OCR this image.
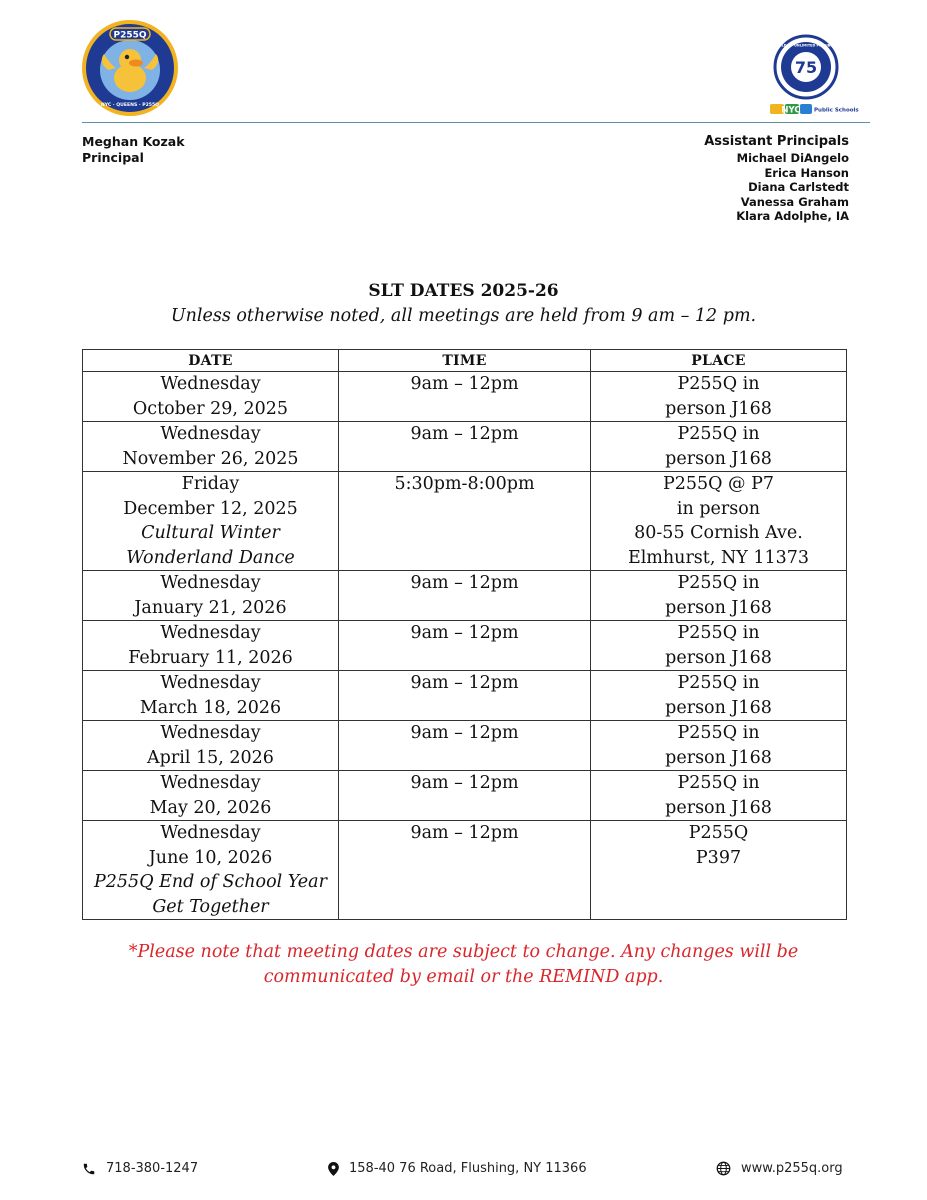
P255Q
NYC · QUEENS · P255Q
75
A WORLD OF UNLIMITED POSSIBILITIES
NYC Public Schools
Meghan Kozak
Principal
Assistant Principals
Michael DiAngelo
Erica Hanson
Diana Carlstedt
Vanessa Graham
Klara Adolphe, IA
SLT DATES 2025-26
Unless otherwise noted, all meetings are held from 9 am – 12 pm.
DATE	TIME	PLACE

Wednesday
October 29, 2025	9am – 12pm	P255Q in
person J168

Wednesday
November 26, 2025	9am – 12pm	P255Q in
person J168

Friday
December 12, 2025
Cultural Winter
Wonderland Dance	5:30pm-8:00pm	P255Q @ P7
in person
80-55 Cornish Ave.
Elmhurst, NY 11373

Wednesday
January 21, 2026	9am – 12pm	P255Q in
person J168

Wednesday
February 11, 2026	9am – 12pm	P255Q in
person J168

Wednesday
March 18, 2026	9am – 12pm	P255Q in
person J168

Wednesday
April 15, 2026	9am – 12pm	P255Q in
person J168

Wednesday
May 20, 2026	9am – 12pm	P255Q in
person J168

Wednesday
June 10, 2026
P255Q End of School Year
Get Together	9am – 12pm	P255Q
P397
*Please note that meeting dates are subject to change. Any changes will be
communicated by email or the REMIND app.
718-380-1247	158-40 76 Road, Flushing, NY 11366	www.p255q.org
